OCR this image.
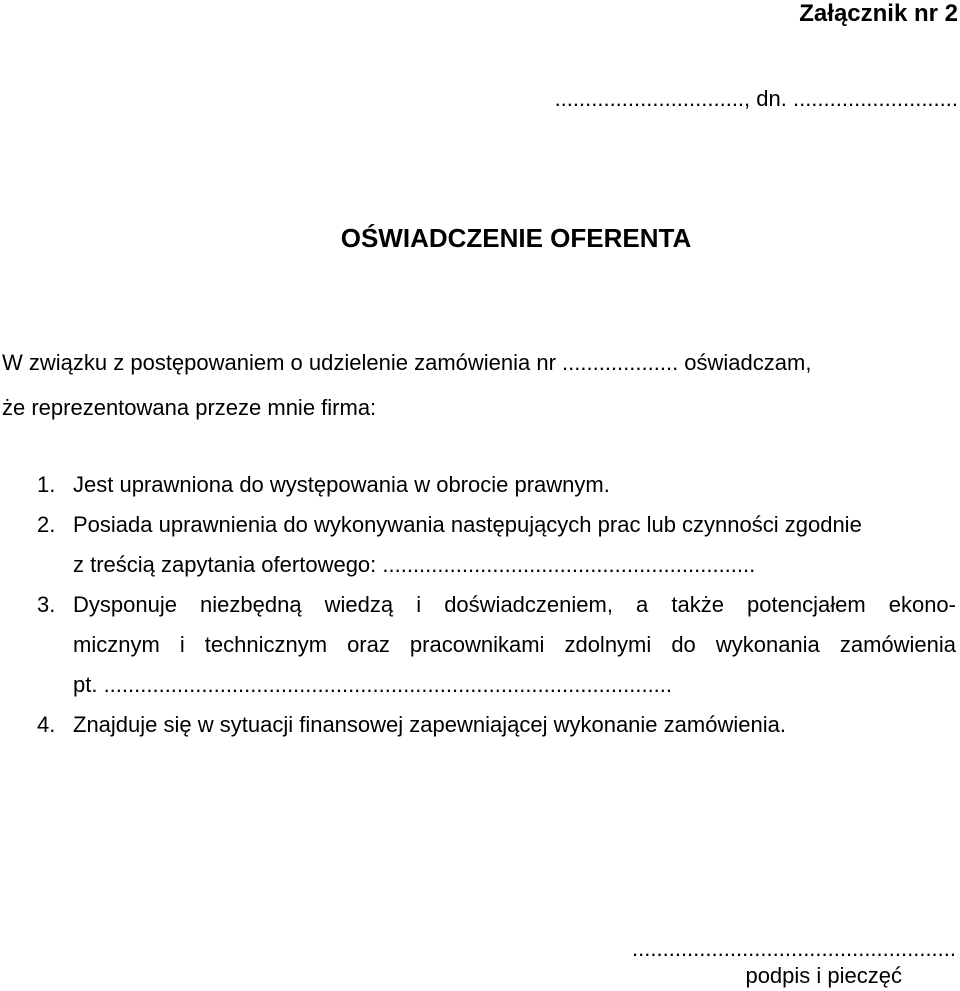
Załącznik nr 2
..............................., dn. ...........................
OŚWIADCZENIE OFERENTA
W związku z postępowaniem o udzielenie zamówienia nr ................... oświadczam,
że reprezentowana przeze mnie firma:
1. Jest uprawniona do występowania w obrocie prawnym.
2. Posiada uprawnienia do wykonywania następujących prac lub czynności zgodnie
z treścią zapytania ofertowego: .............................................................
3. Dysponuje niezbędną wiedzą i doświadczeniem, a także potencjałem ekono-
micznym i technicznym oraz pracownikami zdolnymi do wykonania zamówienia
pt. .............................................................................................
4. Znajduje się w sytuacji finansowej zapewniającej wykonanie zamówienia.
.....................................................
podpis i pieczęć
